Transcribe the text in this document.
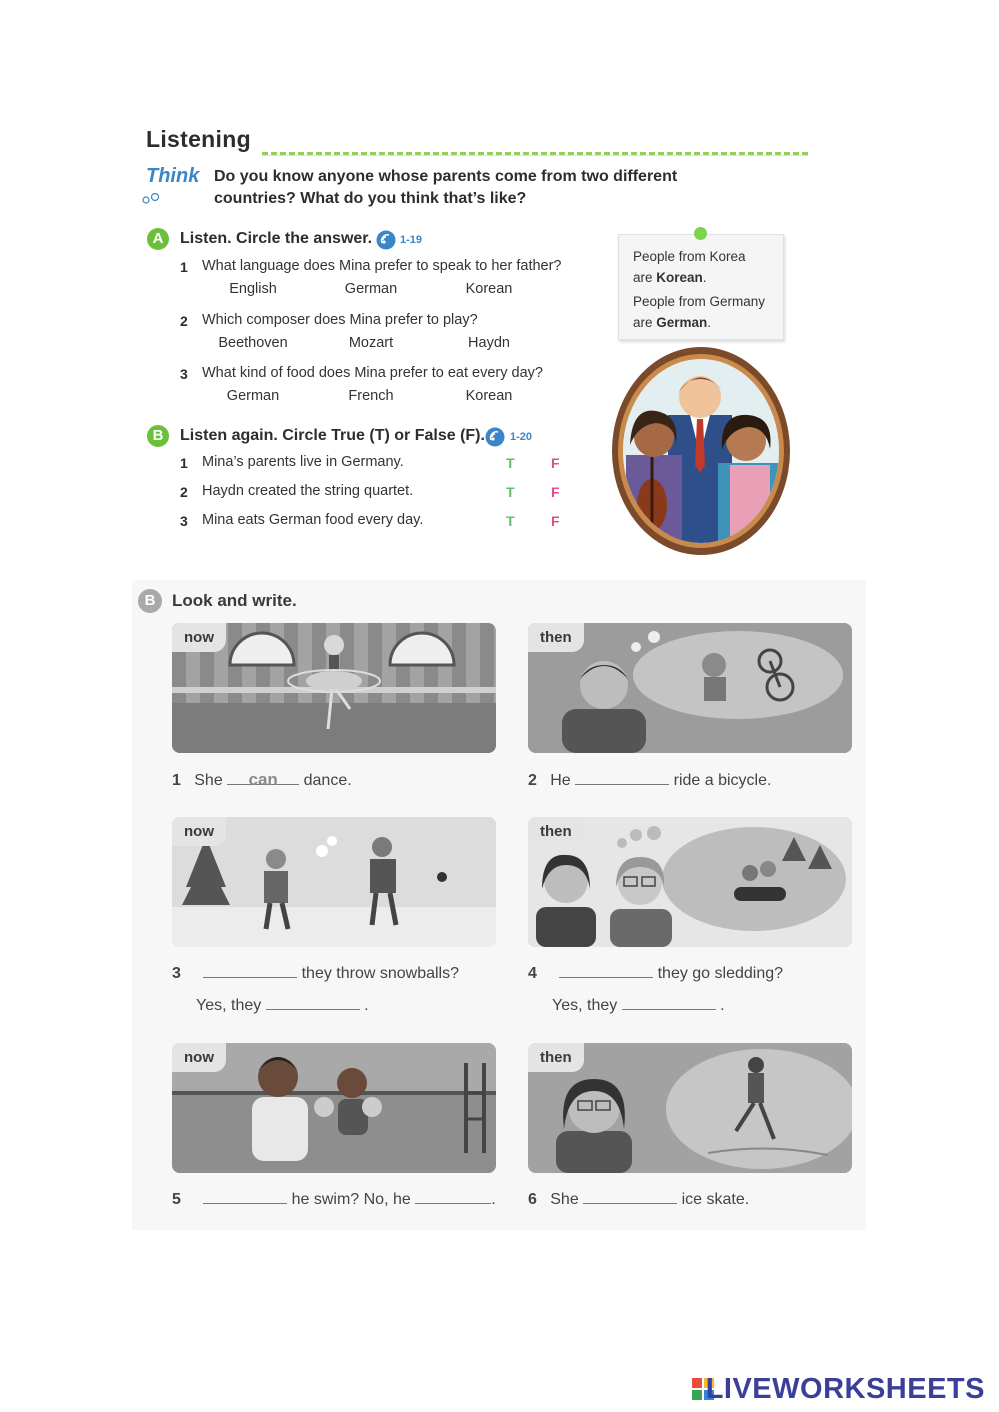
Listening
Think Do you know anyone whose parents come from two different
countries? What do you think that’s like?
A	Listen. Circle the answer.	1-19
1 What language does Mina prefer to speak to her father?
English	German	Korean
2 Which composer does Mina prefer to play?
Beethoven	Mozart	Haydn
3 What kind of food does Mina prefer to eat every day?
German	French	Korean
B	Listen again. Circle True (T) or False (F). 1-20
1 Mina’s parents live in Germany.	T	F
2 Haydn created the string quartet.	T	F
3 Mina eats German food every day.	T	F
People from Korea
are Korean.
People from Germany
are German.
B Look and write.
now	then
1 She can dance.	2 He	ride a bicycle.
now	then
3	they throw snowballs?
Yes, they	.
4	they go sledding?
Yes, they	.
now	then
5	he swim? No, he	. 6 She	ice skate.
LIVEWORKSHEETS
